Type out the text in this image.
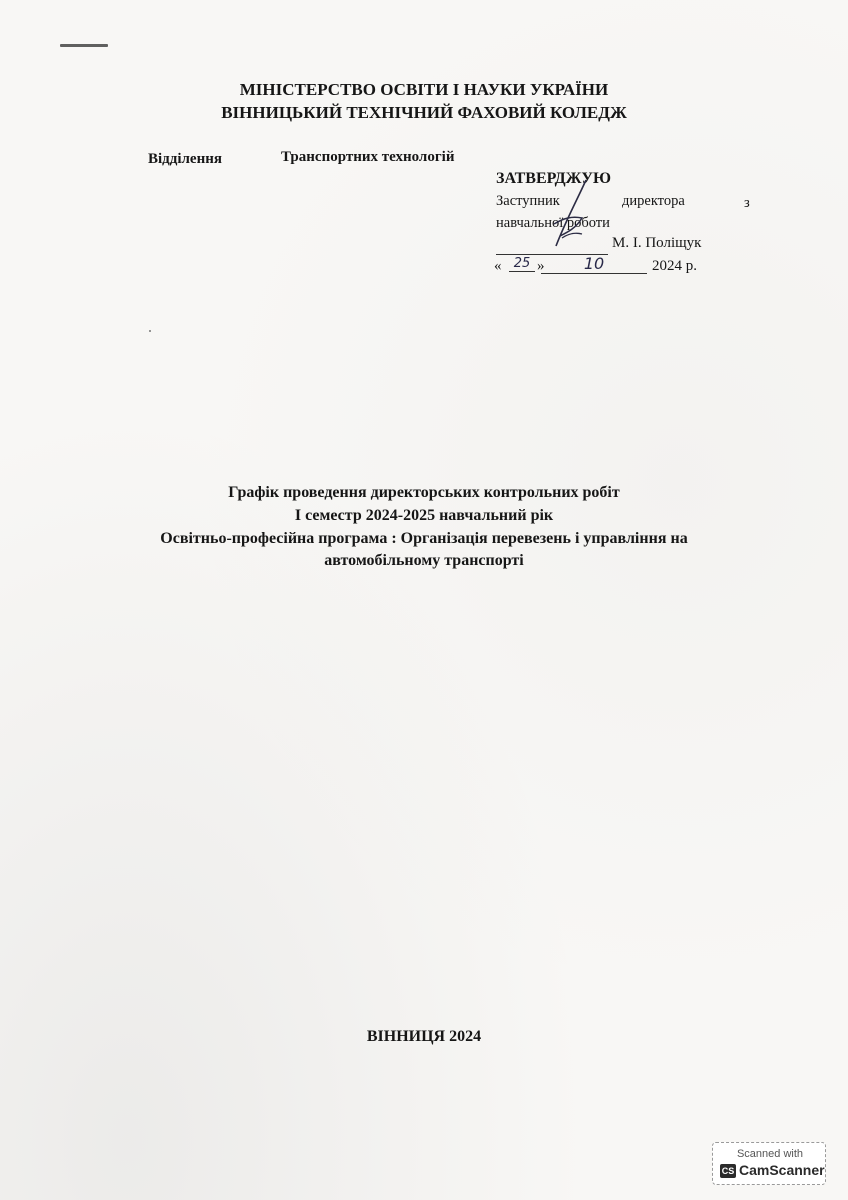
МІНІСТЕРСТВО ОСВІТИ І НАУКИ УКРАЇНИ
ВІННИЦЬКИЙ ТЕХНІЧНИЙ ФАХОВИЙ КОЛЕДЖ
Відділення	Транспортних технологій
ЗАТВЕРДЖУЮ
Заступник	директора	з
навчальної роботи
М. І. Поліщук
« 25 »	10	2024 р.
Графік проведення директорських контрольних робіт
І семестр 2024-2025 навчальний рік
Освітньо-професійна програма : Організація перевезень і управління на
автомобільному транспорті
ВІННИЦЯ 2024
Scanned with
CS CamScanner
